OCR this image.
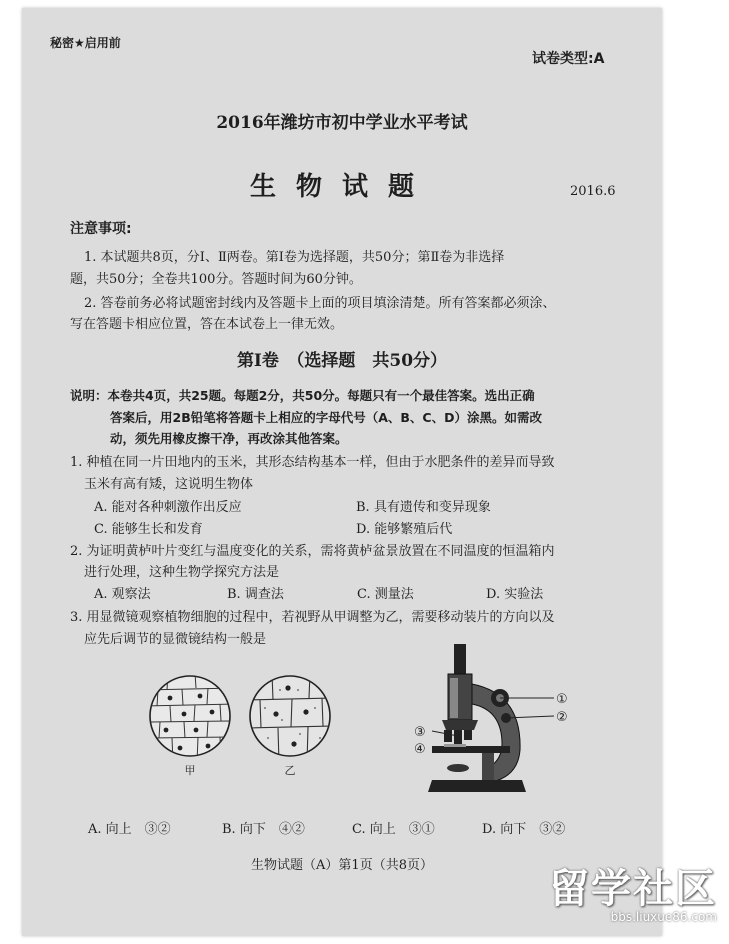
秘密★启用前
试卷类型:A
2016年潍坊市初中学业水平考试
生物试题	2016.6
注意事项:
1. 本试题共8页，分Ⅰ、Ⅱ两卷。第Ⅰ卷为选择题，共50分；第Ⅱ卷为非选择
题，共50分；全卷共100分。答题时间为60分钟。
2. 答卷前务必将试题密封线内及答题卡上面的项目填涂清楚。所有答案都必须涂、
写在答题卡相应位置，答在本试卷上一律无效。
第Ⅰ卷　（选择题　共50分）
说明：本卷共4页，共25题。每题2分，共50分。每题只有一个最佳答案。选出正确
答案后，用2B铅笔将答题卡上相应的字母代号（A、B、C、D）涂黑。如需改
动，须先用橡皮擦干净，再改涂其他答案。
1. 种植在同一片田地内的玉米，其形态结构基本一样，但由于水肥条件的差异而导致
玉米有高有矮，这说明生物体
A. 能对各种刺激作出反应	B. 具有遗传和变异现象
C. 能够生长和发育	D. 能够繁殖后代
2. 为证明黄栌叶片变红与温度变化的关系，需将黄栌盆景放置在不同温度的恒温箱内
进行处理，这种生物学探究方法是
A. 观察法	B. 调查法	C. 测量法	D. 实验法
3. 用显微镜观察植物细胞的过程中，若视野从甲调整为乙，需要移动装片的方向以及
应先后调节的显微镜结构一般是
甲	乙
①
②
③
④
A. 向上　③②	B. 向下　④②	C. 向上　③①	D. 向下　③②
生物试题（A）第1页（共8页）
留学社区
bbs.liuxue86.com
